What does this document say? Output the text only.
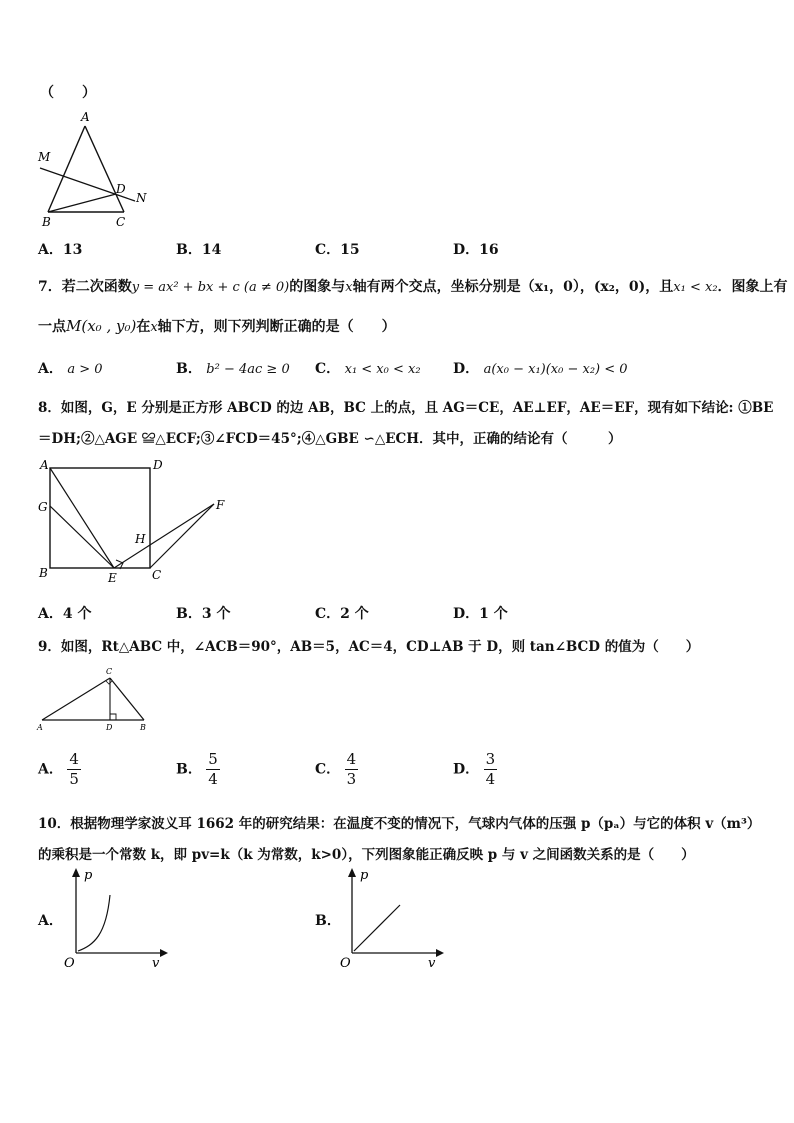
（　　）
A
M
D
N
B	C
A．13	B．14	C．15	D．16
7．若二次函数y = ax² + bx + c (a ≠ 0)的图象与x轴有两个交点，坐标分别是（x₁，0），(x₂，0)，且x₁ < x₂．图象上有
一点M(x₀ , y₀)在x轴下方，则下列判断正确的是（　　）
A． a > 0	B． b² − 4ac ≥ 0 C． x₁ < x₀ < x₂ D． a(x₀ − x₁)(x₀ − x₂) < 0
8．如图，G，E 分别是正方形 ABCD 的边 AB，BC 上的点，且 AG＝CE，AE⊥EF，AE＝EF，现有如下结论: ①BE
＝DH;②△AGE ≌△ECF;③∠FCD＝45°;④△GBE ∽△ECH．其中，正确的结论有（　　　）
A	D
G	F
H
B	E	C
A．4 个	B．3 个	C．2 个	D．1 个
9．如图，Rt△ABC 中，∠ACB＝90°，AB＝5，AC＝4，CD⊥AB 于 D，则 tan∠BCD 的值为（　　）
C
A	D	B
A． $\frac{4}{5}$	B． $\frac{5}{4}$	C． $\frac{4}{3}$	D． $\frac{3}{4}$
10．根据物理学家波义耳 1662 年的研究结果：在温度不变的情况下，气球内气体的压强 p（pₐ）与它的体积 v（m³）
的乘积是一个常数 k，即 pv=k（k 为常数，k>0），下列图象能正确反映 p 与 v 之间函数关系的是（　　）
A．
p
O	v
B．
p
O	v
